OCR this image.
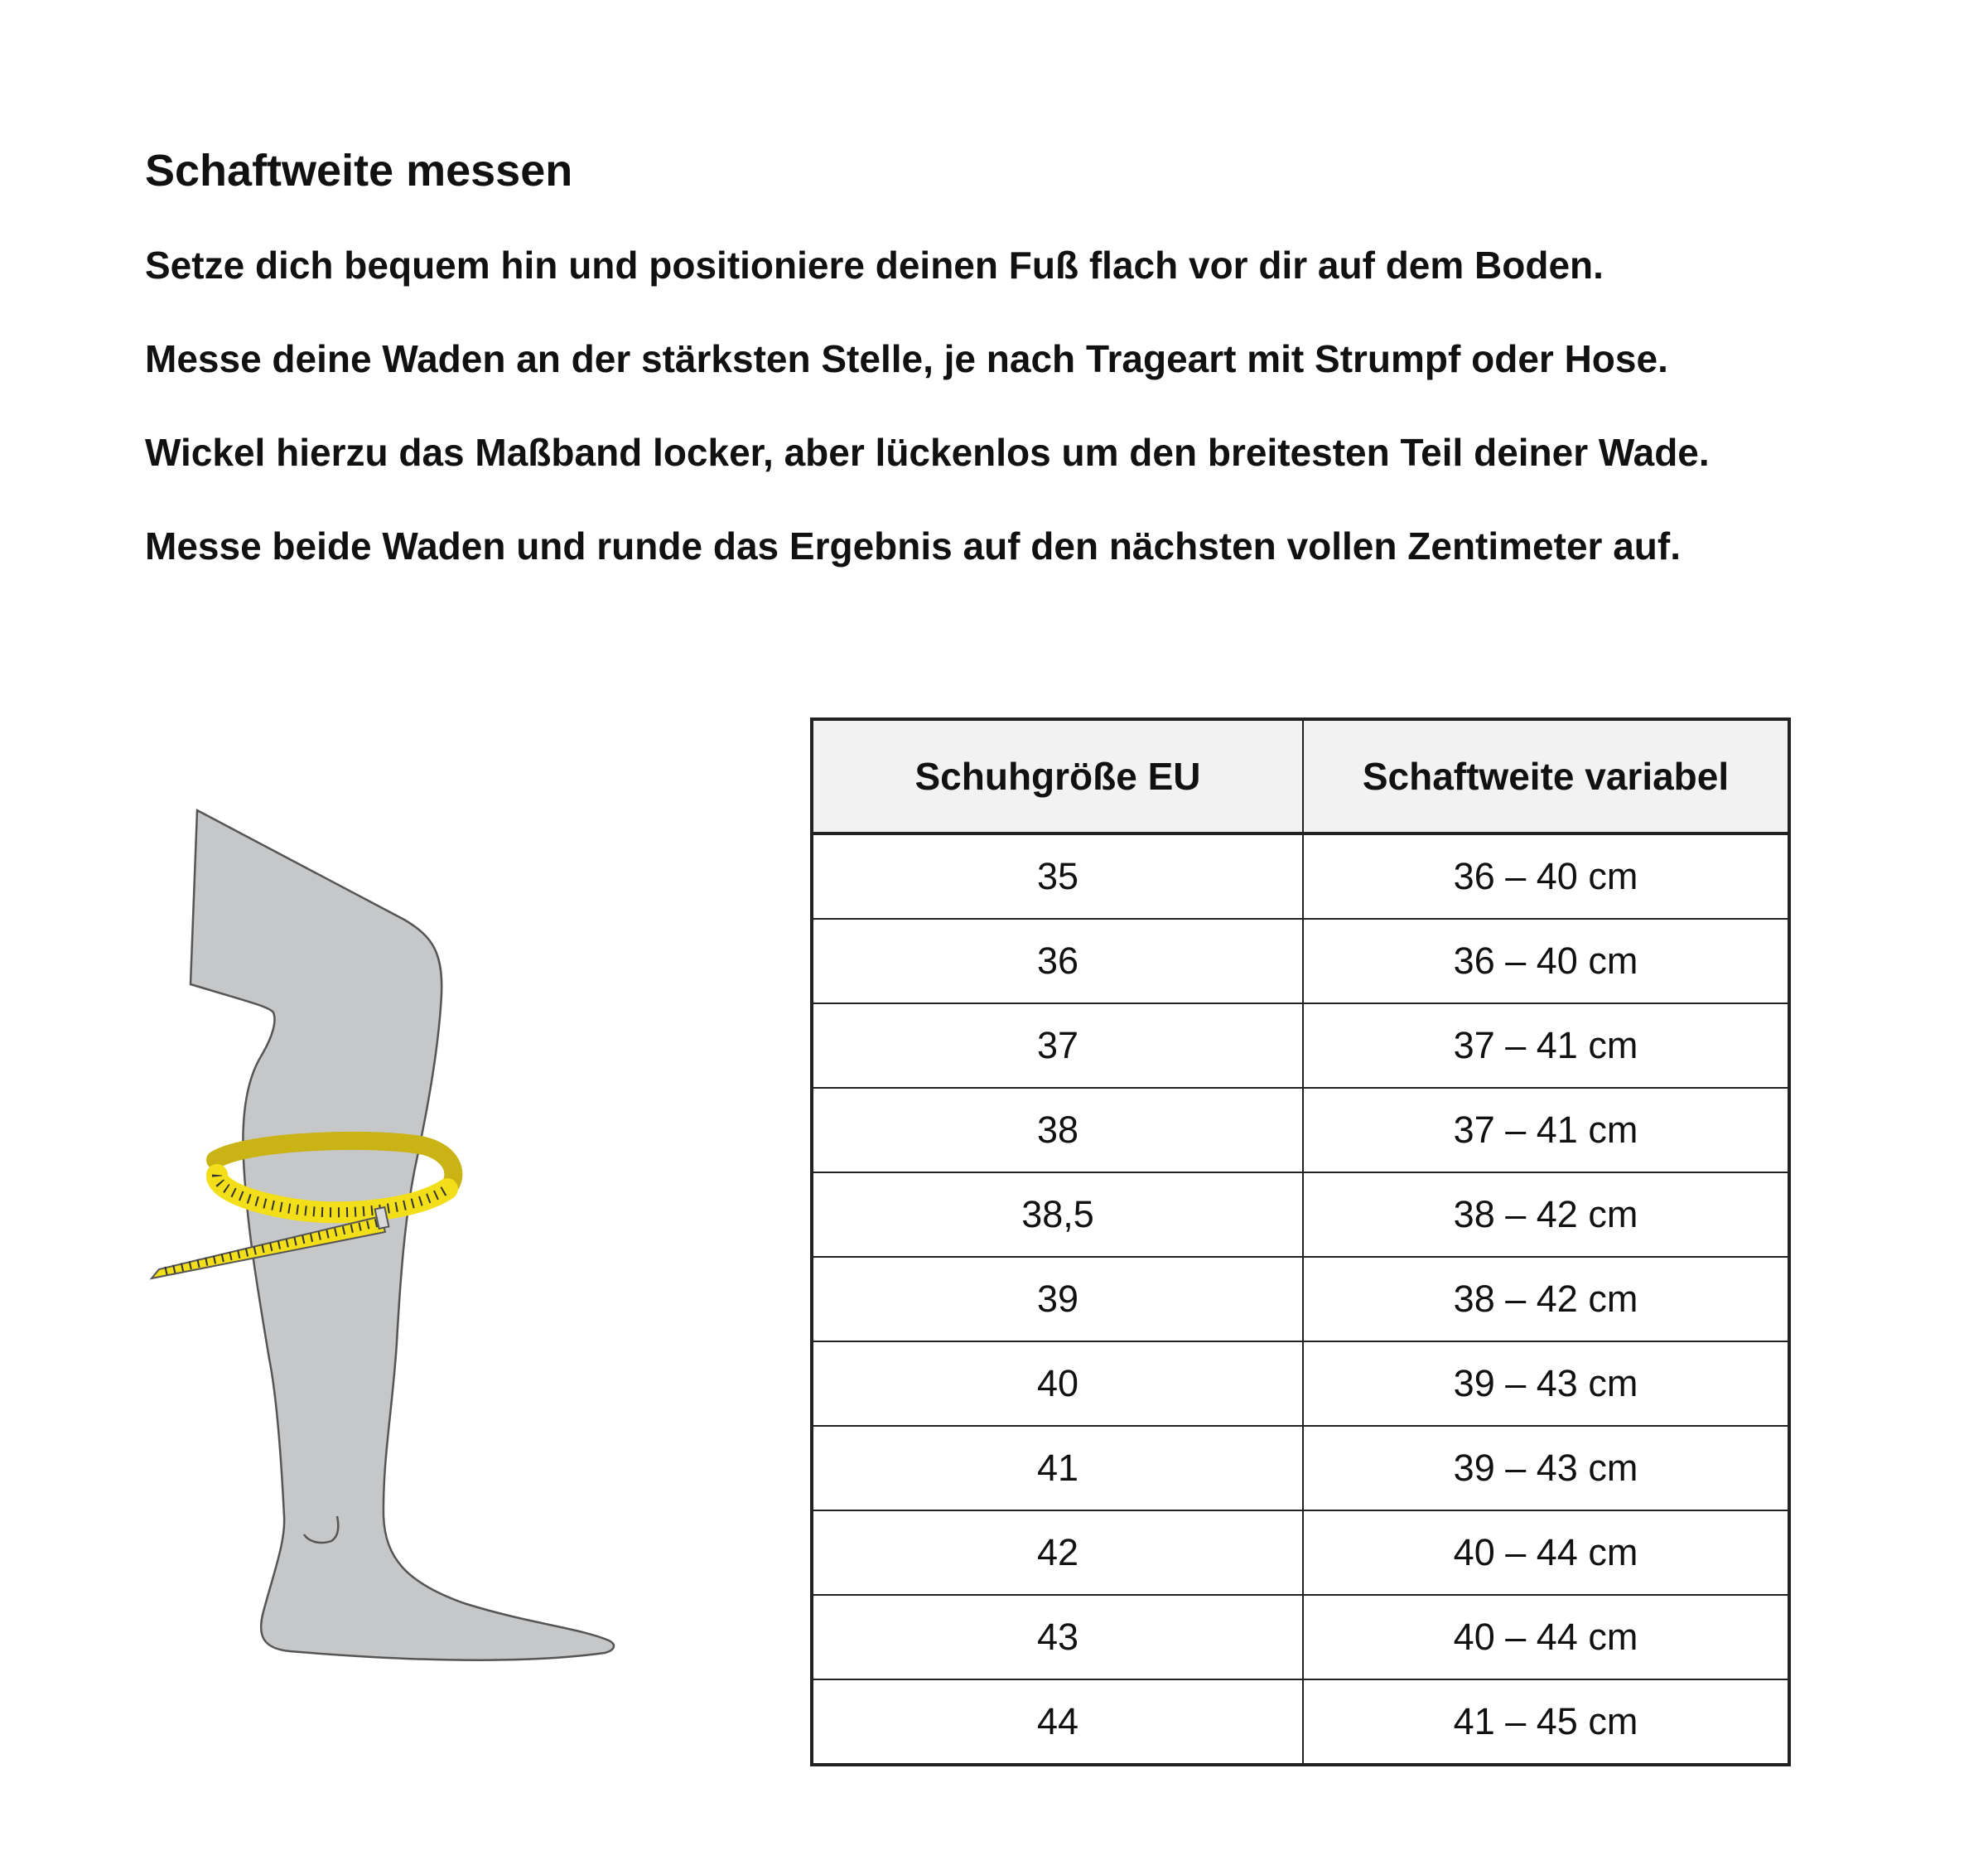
Schaftweite messen
Setze dich bequem hin und positioniere deinen Fuß flach vor dir auf dem Boden.
Messe deine Waden an der stärksten Stelle, je nach Trageart mit Strumpf oder Hose.
Wickel hierzu das Maßband locker, aber lückenlos um den breitesten Teil deiner Wade.
Messe beide Waden und runde das Ergebnis auf den nächsten vollen Zentimeter auf.
Schuhgröße EU	Schaftweite variabel
35	36 – 40 cm
36	36 – 40 cm
37	37 – 41 cm
38	37 – 41 cm
38,5	38 – 42 cm
39	38 – 42 cm
40	39 – 43 cm
41	39 – 43 cm
42	40 – 44 cm
43	40 – 44 cm
44	41 – 45 cm
